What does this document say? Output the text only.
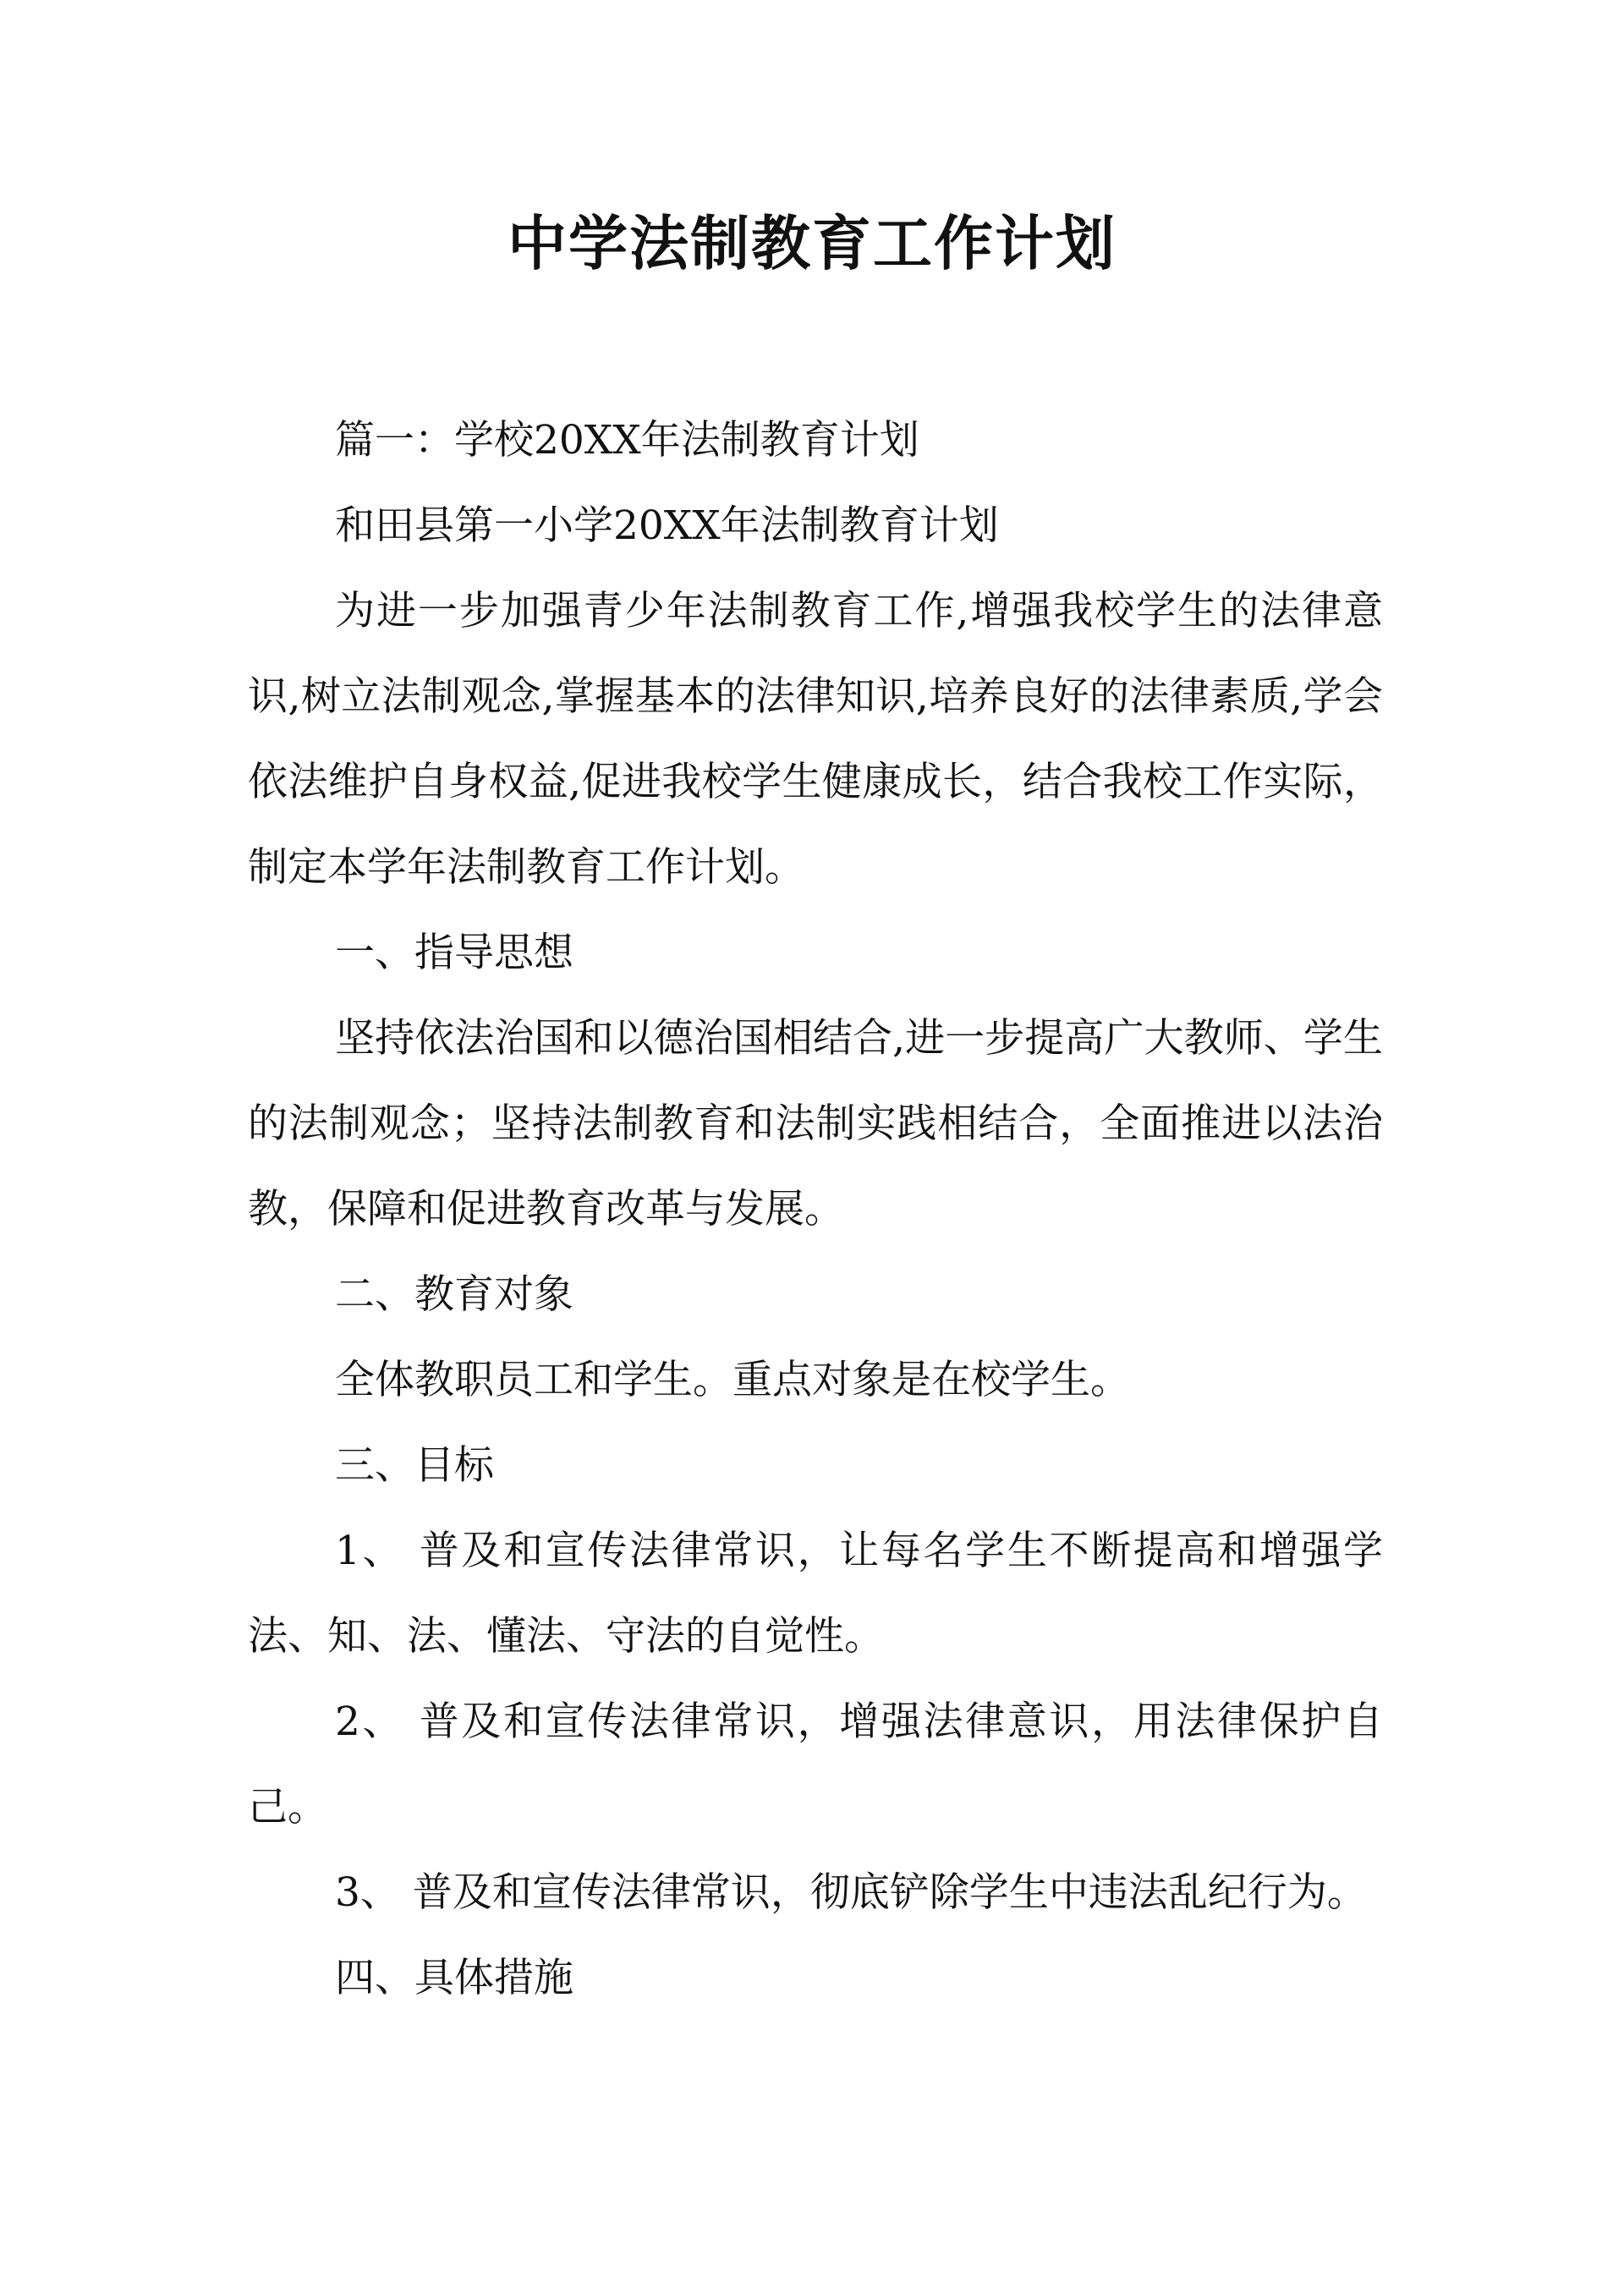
中学法制教育工作计划

篇一：学校20XX年法制教育计划

和田县第一小学20XX年法制教育计划

为进一步加强青少年法制教育工作,增强我校学生的法律意识,树立法制观念,掌握基本的法律知识,培养良好的法律素质,学会依法维护自身权益,促进我校学生健康成长，结合我校工作实际，制定本学年法制教育工作计划。

一、指导思想

坚持依法治国和以德治国相结合,进一步提高广大教师、学生的法制观念；坚持法制教育和法制实践相结合，全面推进以法治教，保障和促进教育改革与发展。

二、教育对象

全体教职员工和学生。重点对象是在校学生。

三、目标

1、 普及和宣传法律常识，让每名学生不断提高和增强学法、知、法、懂法、守法的自觉性。

2、 普及和宣传法律常识，增强法律意识，用法律保护自己。

3、 普及和宣传法律常识，彻底铲除学生中违法乱纪行为。

四、具体措施
